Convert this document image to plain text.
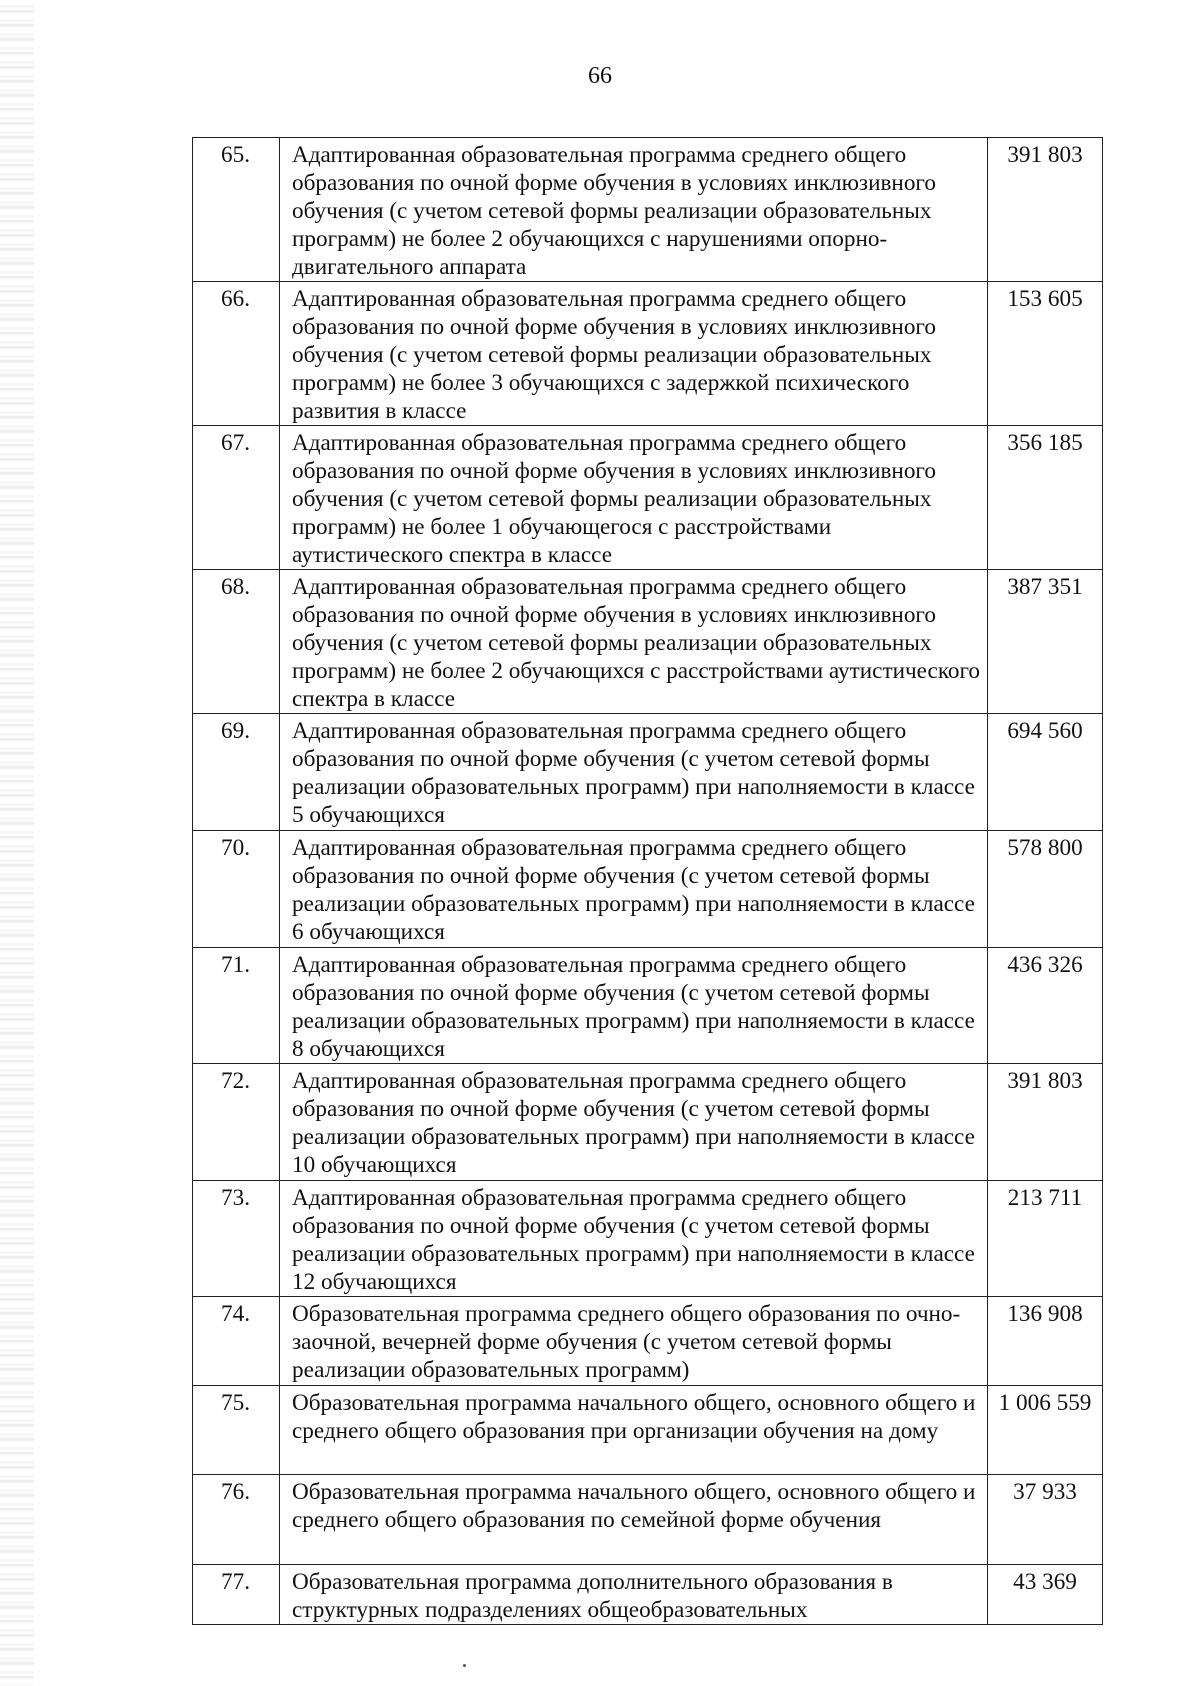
66
65.	Адаптированная образовательная программа среднего общего образования по очной форме обучения в условиях инклюзивного обучения (с учетом сетевой формы реализации образовательных программ) не более 2 обучающихся с нарушениями опорно-двигательного аппарата	391 803
66.	Адаптированная образовательная программа среднего общего образования по очной форме обучения в условиях инклюзивного обучения (с учетом сетевой формы реализации образовательных программ) не более 3 обучающихся с задержкой психического развития в классе	153 605
67.	Адаптированная образовательная программа среднего общего образования по очной форме обучения в условиях инклюзивного обучения (с учетом сетевой формы реализации образовательных программ) не более 1 обучающегося с расстройствами аутистического спектра в классе	356 185
68.	Адаптированная образовательная программа среднего общего образования по очной форме обучения в условиях инклюзивного обучения (с учетом сетевой формы реализации образовательных программ) не более 2 обучающихся с расстройствами аутистического спектра в классе	387 351
69.	Адаптированная образовательная программа среднего общего образования по очной форме обучения (с учетом сетевой формы реализации образовательных программ) при наполняемости в классе 5 обучающихся	694 560
70.	Адаптированная образовательная программа среднего общего образования по очной форме обучения (с учетом сетевой формы реализации образовательных программ) при наполняемости в классе 6 обучающихся	578 800
71.	Адаптированная образовательная программа среднего общего образования по очной форме обучения (с учетом сетевой формы реализации образовательных программ) при наполняемости в классе 8 обучающихся	436 326
72.	Адаптированная образовательная программа среднего общего образования по очной форме обучения (с учетом сетевой формы реализации образовательных программ) при наполняемости в классе 10 обучающихся	391 803
73.	Адаптированная образовательная программа среднего общего образования по очной форме обучения (с учетом сетевой формы реализации образовательных программ) при наполняемости в классе 12 обучающихся	213 711
74.	Образовательная программа среднего общего образования по очно-заочной, вечерней форме обучения (с учетом сетевой формы реализации образовательных программ)	136 908
75.	Образовательная программа начального общего, основного общего и среднего общего образования при организации обучения на дому	1 006 559
76.	Образовательная программа начального общего, основного общего и среднего общего образования по семейной форме обучения	37 933
77.	Образовательная программа дополнительного образования в структурных подразделениях общеобразовательных	43 369
